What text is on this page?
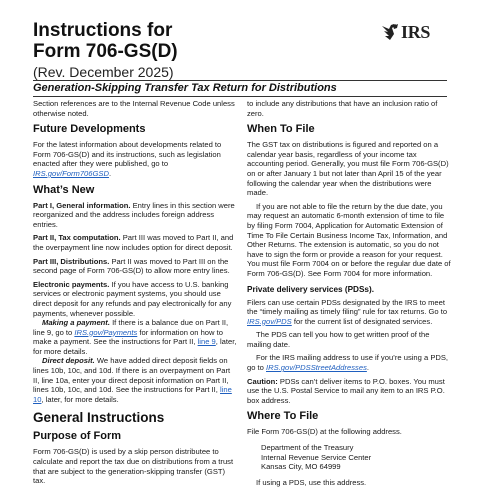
Instructions for
Form 706-GS(D)
IRS
(Rev. December 2025)
Generation-Skipping Transfer Tax Return for Distributions

Section references are to the Internal Revenue Code unless otherwise noted.

Future Developments

For the latest information about developments related to Form 706-GS(D) and its instructions, such as legislation enacted after they were published, go to IRS.gov/Form706GSD.

What’s New

Part I, General information. Entry lines in this section were reorganized and the address includes foreign address entries.

Part II, Tax computation. Part III was moved to Part II, and the overpayment line now includes option for direct deposit.

Part III, Distributions. Part II was moved to Part III on the second page of Form 706-GS(D) to allow more entry lines.

Electronic payments. If you have access to U.S. banking services or electronic payment systems, you should use direct deposit for any refunds and pay electronically for any payments, whenever possible.

Making a payment. If there is a balance due on Part II, line 9, go to IRS.gov/Payments for information on how to make a payment. See the instructions for Part II, line 9, later, for more details.

Direct deposit. We have added direct deposit fields on lines 10b, 10c, and 10d. If there is an overpayment on Part II, line 10a, enter your direct deposit information on Part II, lines 10b, 10c, and 10d. See the instructions for Part II, line 10, later, for more details.

General Instructions
Purpose of Form

Form 706-GS(D) is used by a skip person distributee to calculate and report the tax due on distributions from a trust that are subject to the generation-skipping transfer (GST) tax.

to include any distributions that have an inclusion ratio of zero.

When To File

The GST tax on distributions is figured and reported on a calendar year basis, regardless of your income tax accounting period. Generally, you must file Form 706-GS(D) on or after January 1 but not later than April 15 of the year following the calendar year when the distributions were made.

If you are not able to file the return by the due date, you may request an automatic 6-month extension of time to file by filing Form 7004, Application for Automatic Extension of Time To File Certain Business Income Tax, Information, and Other Returns. The extension is automatic, so you do not have to sign the form or provide a reason for your request. You must file Form 7004 on or before the regular due date of Form 706-GS(D). See Form 7004 for more information.

Private delivery services (PDSs).

Filers can use certain PDSs designated by the IRS to meet the “timely mailing as timely filing” rule for tax returns. Go to IRS.gov/PDS for the current list of designated services.

The PDS can tell you how to get written proof of the mailing date.

For the IRS mailing address to use if you’re using a PDS, go to IRS.gov/PDSStreetAddresses.

Caution: PDSs can’t deliver items to P.O. boxes. You must use the U.S. Postal Service to mail any item to an IRS P.O. box address.

Where To File

File Form 706-GS(D) at the following address.

Department of the Treasury
Internal Revenue Service Center
Kansas City, MO 64999

If using a PDS, use this address.
